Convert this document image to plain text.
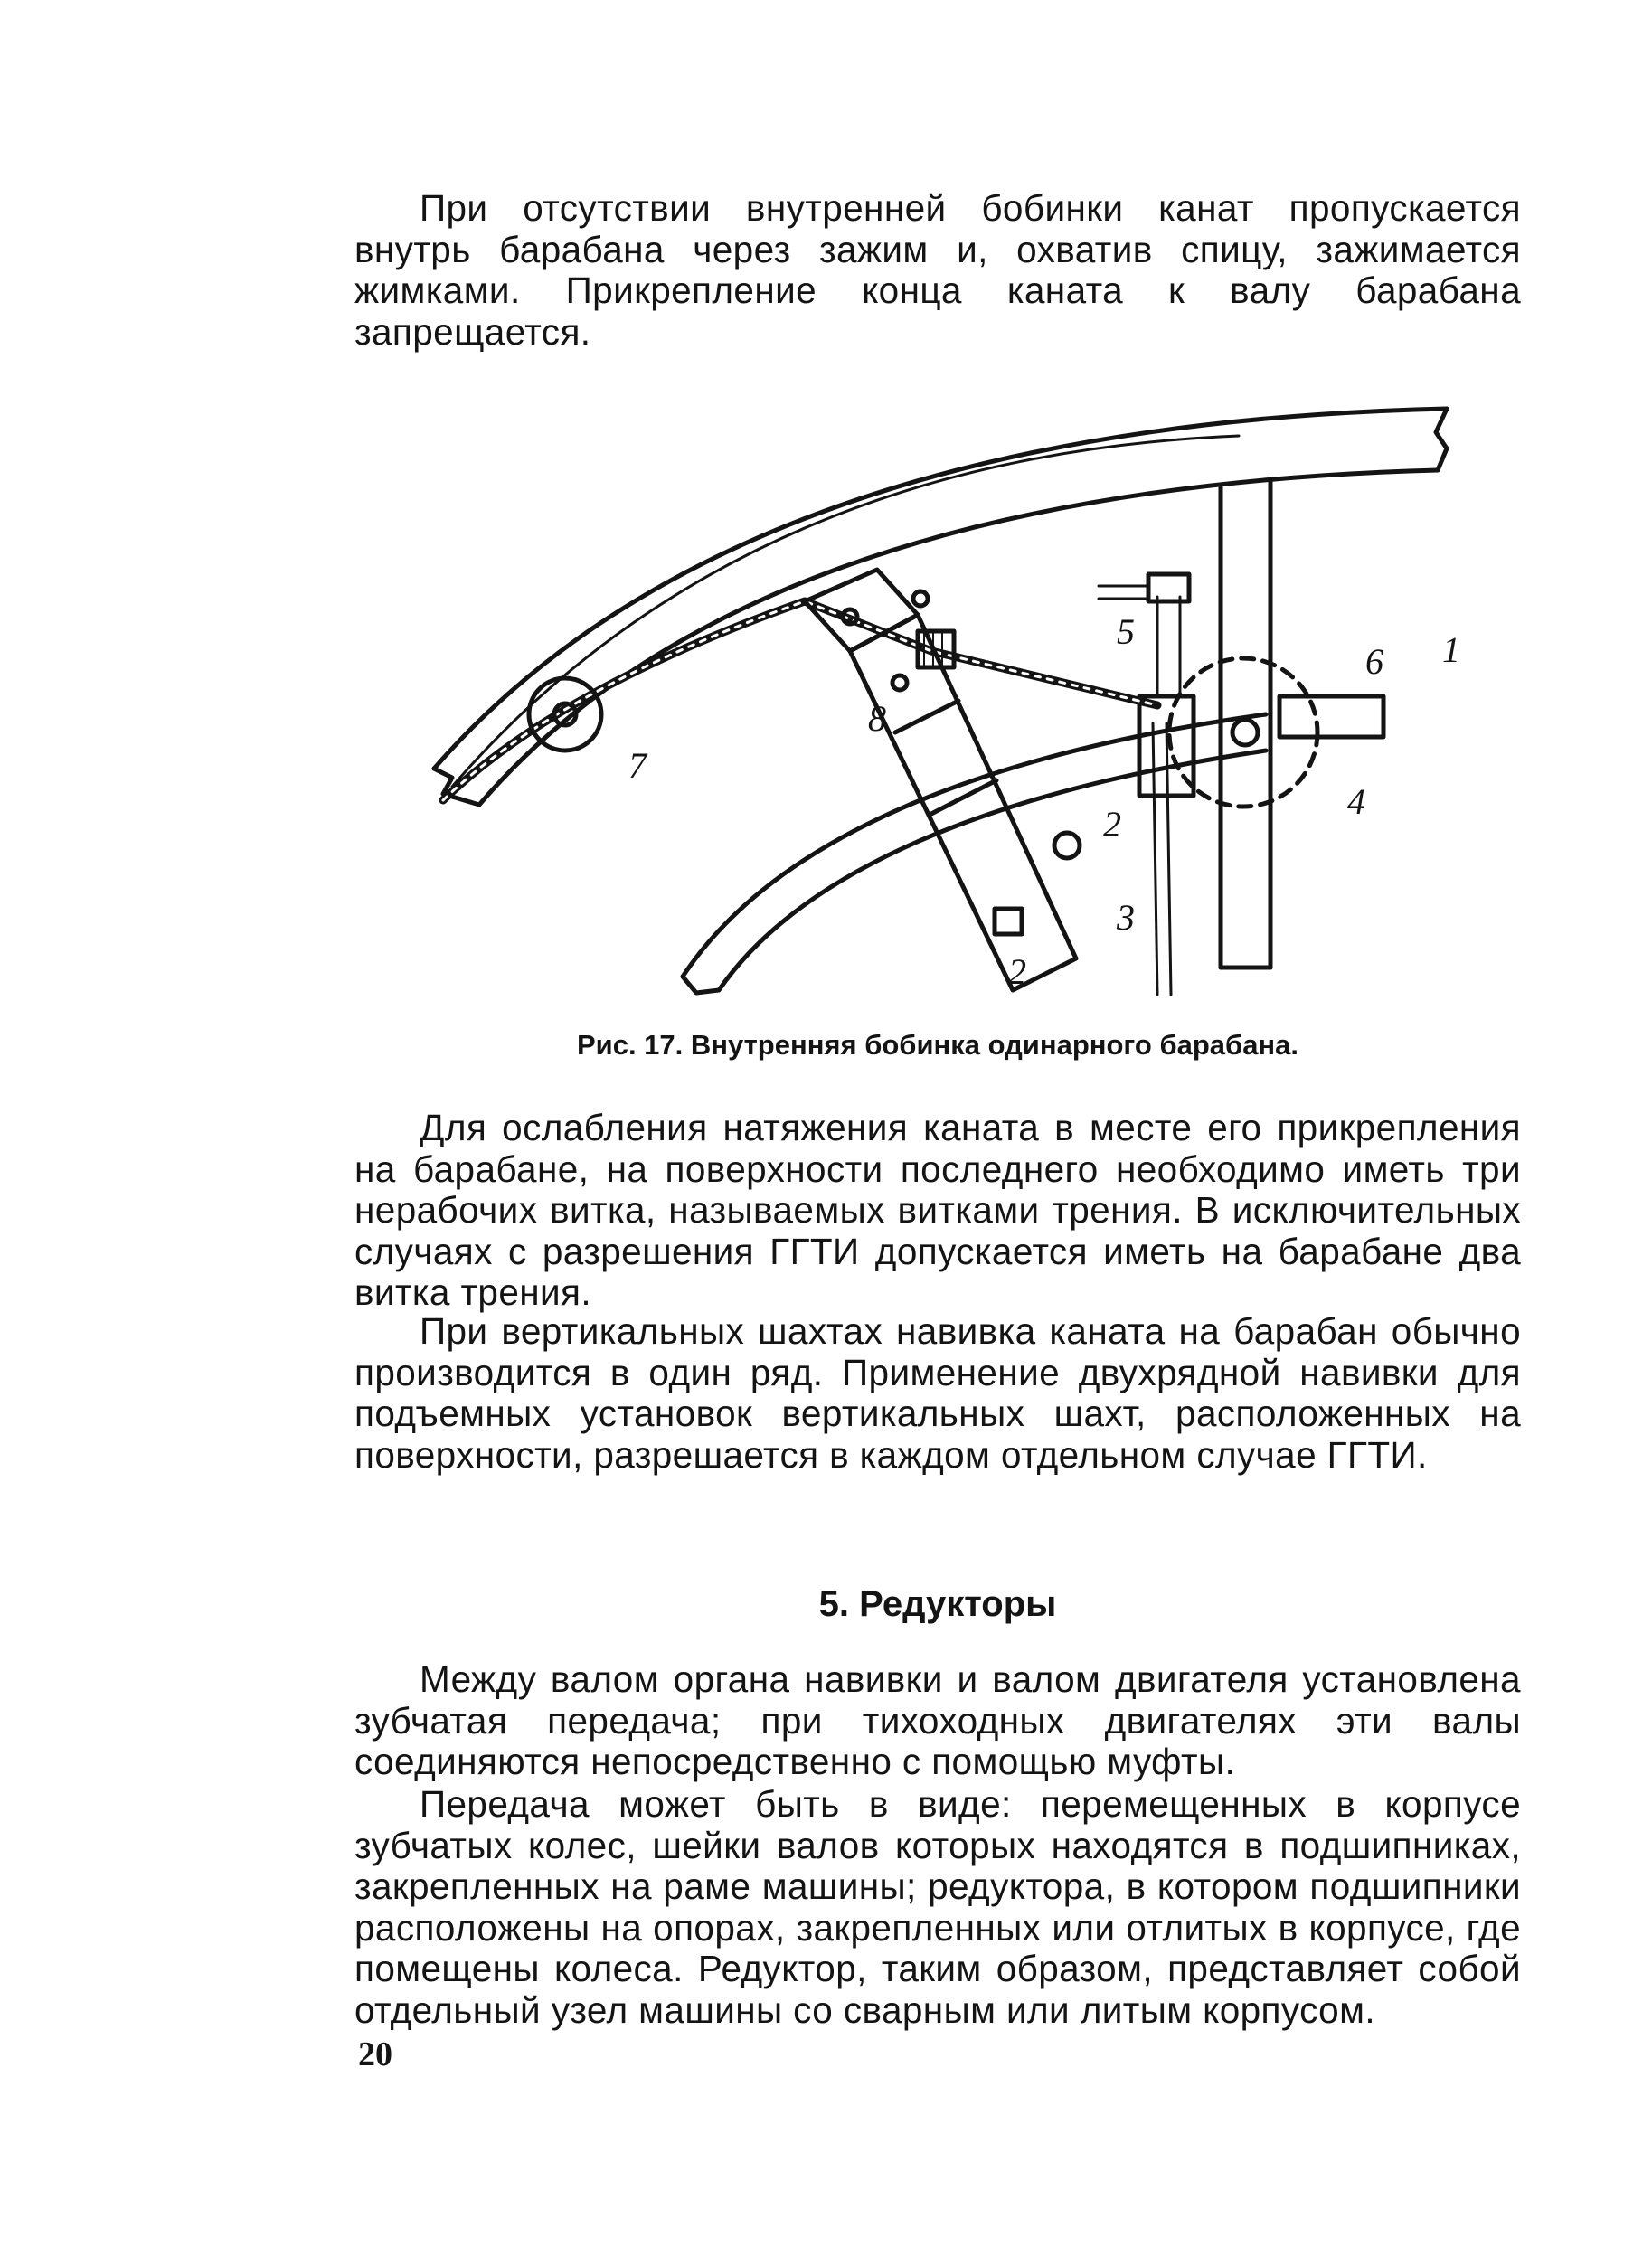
При отсутствии внутренней бобинки канат пропускается внутрь барабана через зажим и, охватив спицу, зажимается жимками. Прикрепление конца каната к валу барабана запрещается.

1
2
2
3
4
5
6
7
8

Рис. 17. Внутренняя бобинка одинарного барабана.

Для ослабления натяжения каната в месте его прикрепления на барабане, на поверхности последнего необходимо иметь три нерабочих витка, называемых витками трения. В исключительных случаях с разрешения ГГТИ допускается иметь на барабане два витка трения.

При вертикальных шахтах навивка каната на барабан обычно производится в один ряд. Применение двухрядной навивки для подъемных установок вертикальных шахт, расположенных на поверхности, разрешается в каждом отдельном случае ГГТИ.

5. Редукторы

Между валом органа навивки и валом двигателя установлена зубчатая передача; при тихоходных двигателях эти валы соединяются непосредственно с помощью муфты.

Передача может быть в виде: перемещенных в корпусе зубчатых колес, шейки валов которых находятся в подшипниках, закрепленных на раме машины; редуктора, в котором подшипники расположены на опорах, закрепленных или отлитых в корпусе, где помещены колеса. Редуктор, таким образом, представляет собой отдельный узел машины со сварным или литым корпусом.

20
